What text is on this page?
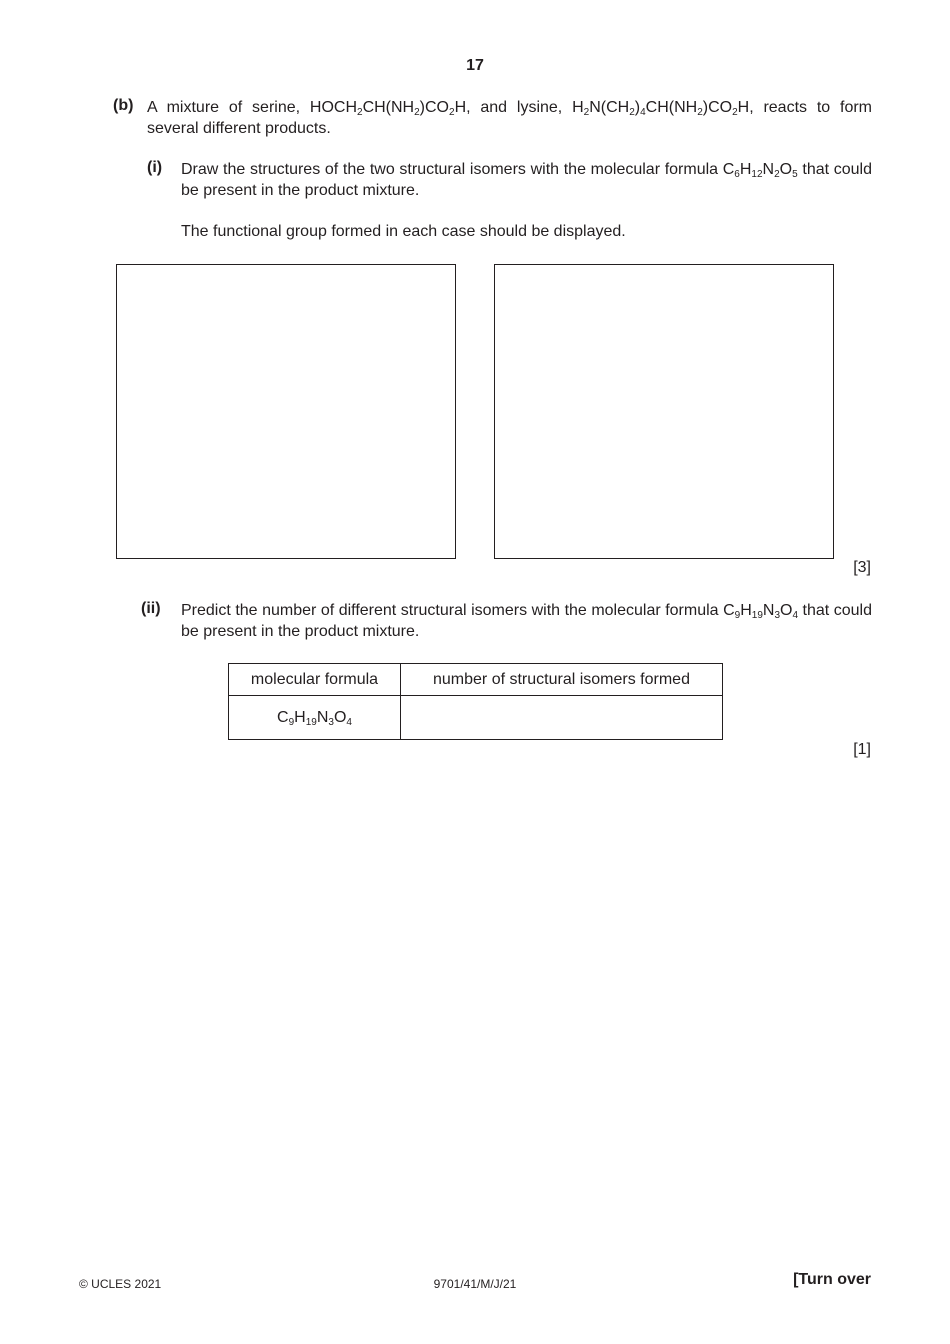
17
(b) A mixture of serine, $HOCH_2CH(NH_2)CO_2H$, and lysine, $H_2N(CH_2)_4CH(NH_2)CO_2H$, reacts to form several different products.
(i) Draw the structures of the two structural isomers with the molecular formula $C_6H_{12}N_2O_5$ that could be present in the product mixture.
The functional group formed in each case should be displayed.
[3]
(ii) Predict the number of different structural isomers with the molecular formula $C_9H_{19}N_3O_4$ that could be present in the product mixture.
molecular formula	number of structural isomers formed
$C_9H_{19}N_3O_4$	
[1]
© UCLES 2021	9701/41/M/J/21	[Turn over
